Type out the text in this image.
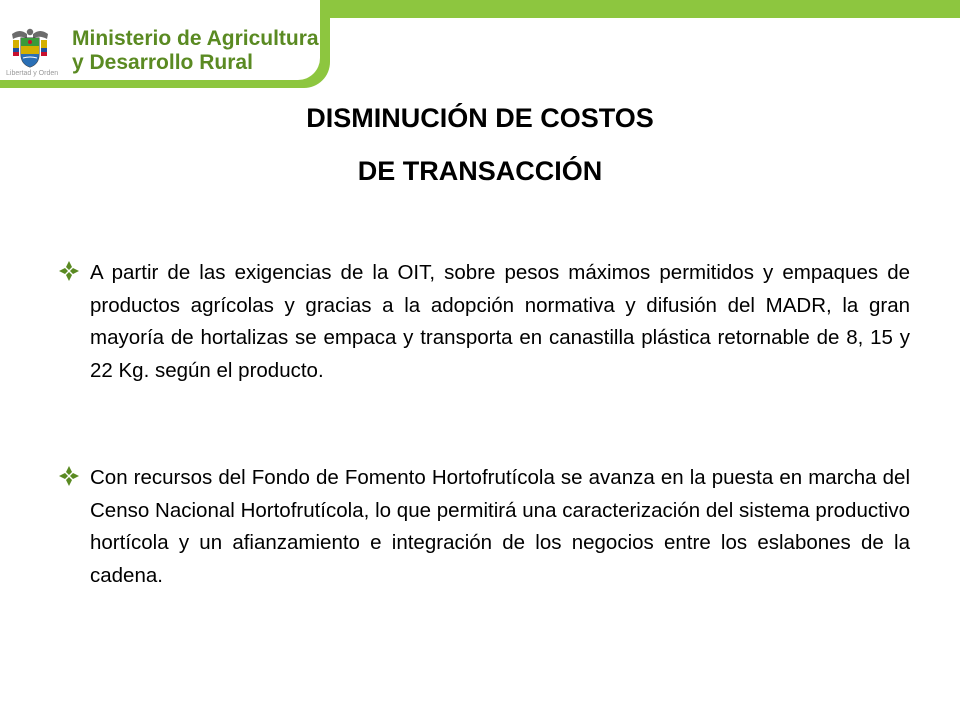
Libertad y Orden
Ministerio de Agricultura
y Desarrollo Rural
DISMINUCIÓN DE COSTOS
DE TRANSACCIÓN
A partir de las exigencias de la OIT, sobre pesos máximos permitidos y empaques de productos agrícolas y gracias a la adopción normativa y difusión del MADR, la gran mayoría de hortalizas se empaca y transporta en canastilla plástica retornable de 8, 15 y 22 Kg. según el producto.
Con recursos del Fondo de Fomento Hortofrutícola se avanza en la puesta en marcha del Censo Nacional Hortofrutícola, lo que permitirá una caracterización del sistema productivo hortícola y un afianzamiento e integración de los negocios entre los eslabones de la cadena.
